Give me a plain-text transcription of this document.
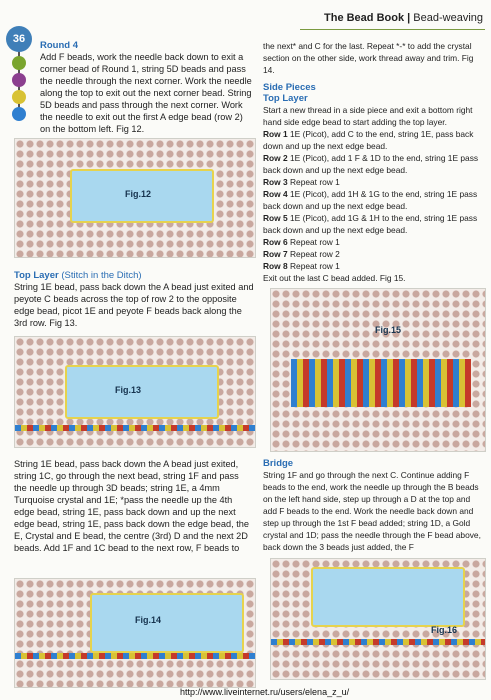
The Bead Book | Bead-weaving
36
Round 4

Add F beads, work the needle back down to exit a corner bead of Round 1, string 5D beads and pass the needle through the next corner. Work the needle along the top to exit out the next corner bead. String 5D beads and pass through the next corner. Work the needle to exit out the first A edge bead (row 2) on the bottom left. Fig 12.

Fig.12
Top Layer (Stitch in the Ditch)

String 1E bead, pass back down the A bead just exited and peyote C beads across the top of row 2 to the opposite edge bead, picot 1E and peyote F beads back along the 3rd row. Fig 13.

Fig.13

String 1E bead, pass back down the A bead just exited, string 1C, go through the next bead, string 1F and pass the needle up through 3D beads; string 1E, a 4mm Turquoise crystal and 1E; *pass the needle up the 4th edge bead, string 1E, pass back down and up the next edge bead, string 1E, pass back down the edge bead, the E, Crystal and E bead, the centre (3rd) D and the next 2D beads. Add 1F and 1C bead to the next row, F beads to

Fig.14

the next* and C for the last. Repeat *-* to add the crystal section on the other side, work thread away and trim. Fig 14.

Side Pieces
Top Layer

Start a new thread in a side piece and exit a bottom right hand side edge bead to start adding the top layer.

Row 1 1E (Picot), add C to the end, string 1E, pass back down and up the next edge bead.

Row 2 1E (Picot), add 1 F & 1D to the end, string 1E pass back down and up the next edge bead.

Row 3 Repeat row 1

Row 4 1E (Picot), add 1H & 1G to the end, string 1E pass back down and up the next edge bead.

Row 5 1E (Picot), add 1G & 1H to the end, string 1E pass back down and up the next edge bead.

Row 6 Repeat row 1

Row 7 Repeat row 2

Row 8 Repeat row 1

Exit out the last C bead added. Fig 15.

Fig.15
Bridge

String 1F and go through the next C. Continue adding F beads to the end, work the needle up through the B beads on the left hand side, step up through a D at the top and add F beads to the end. Work the needle back down and step up through the 1st F bead added; string 1D, a Gold crystal and 1D; pass the needle through the F bead above, back down the 3 beads just added, the F

Fig.16
http://www.liveinternet.ru/users/elena_z_u/
